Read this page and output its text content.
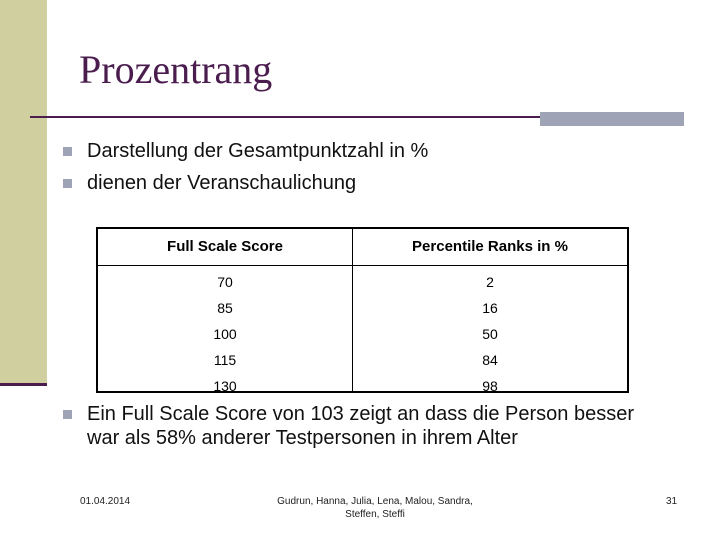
Prozentrang
Darstellung der Gesamtpunktzahl in %
dienen der Veranschaulichung
Full Scale Score	Percentile Ranks in %
70
85
100
115
130
2
16
50
84
98
Ein Full Scale Score von 103 zeigt an dass die Person besser war als 58% anderer Testpersonen in ihrem Alter
01.04.2014	Gudrun, Hanna, Julia, Lena, Malou, Sandra, Steffen, Steffi
31
